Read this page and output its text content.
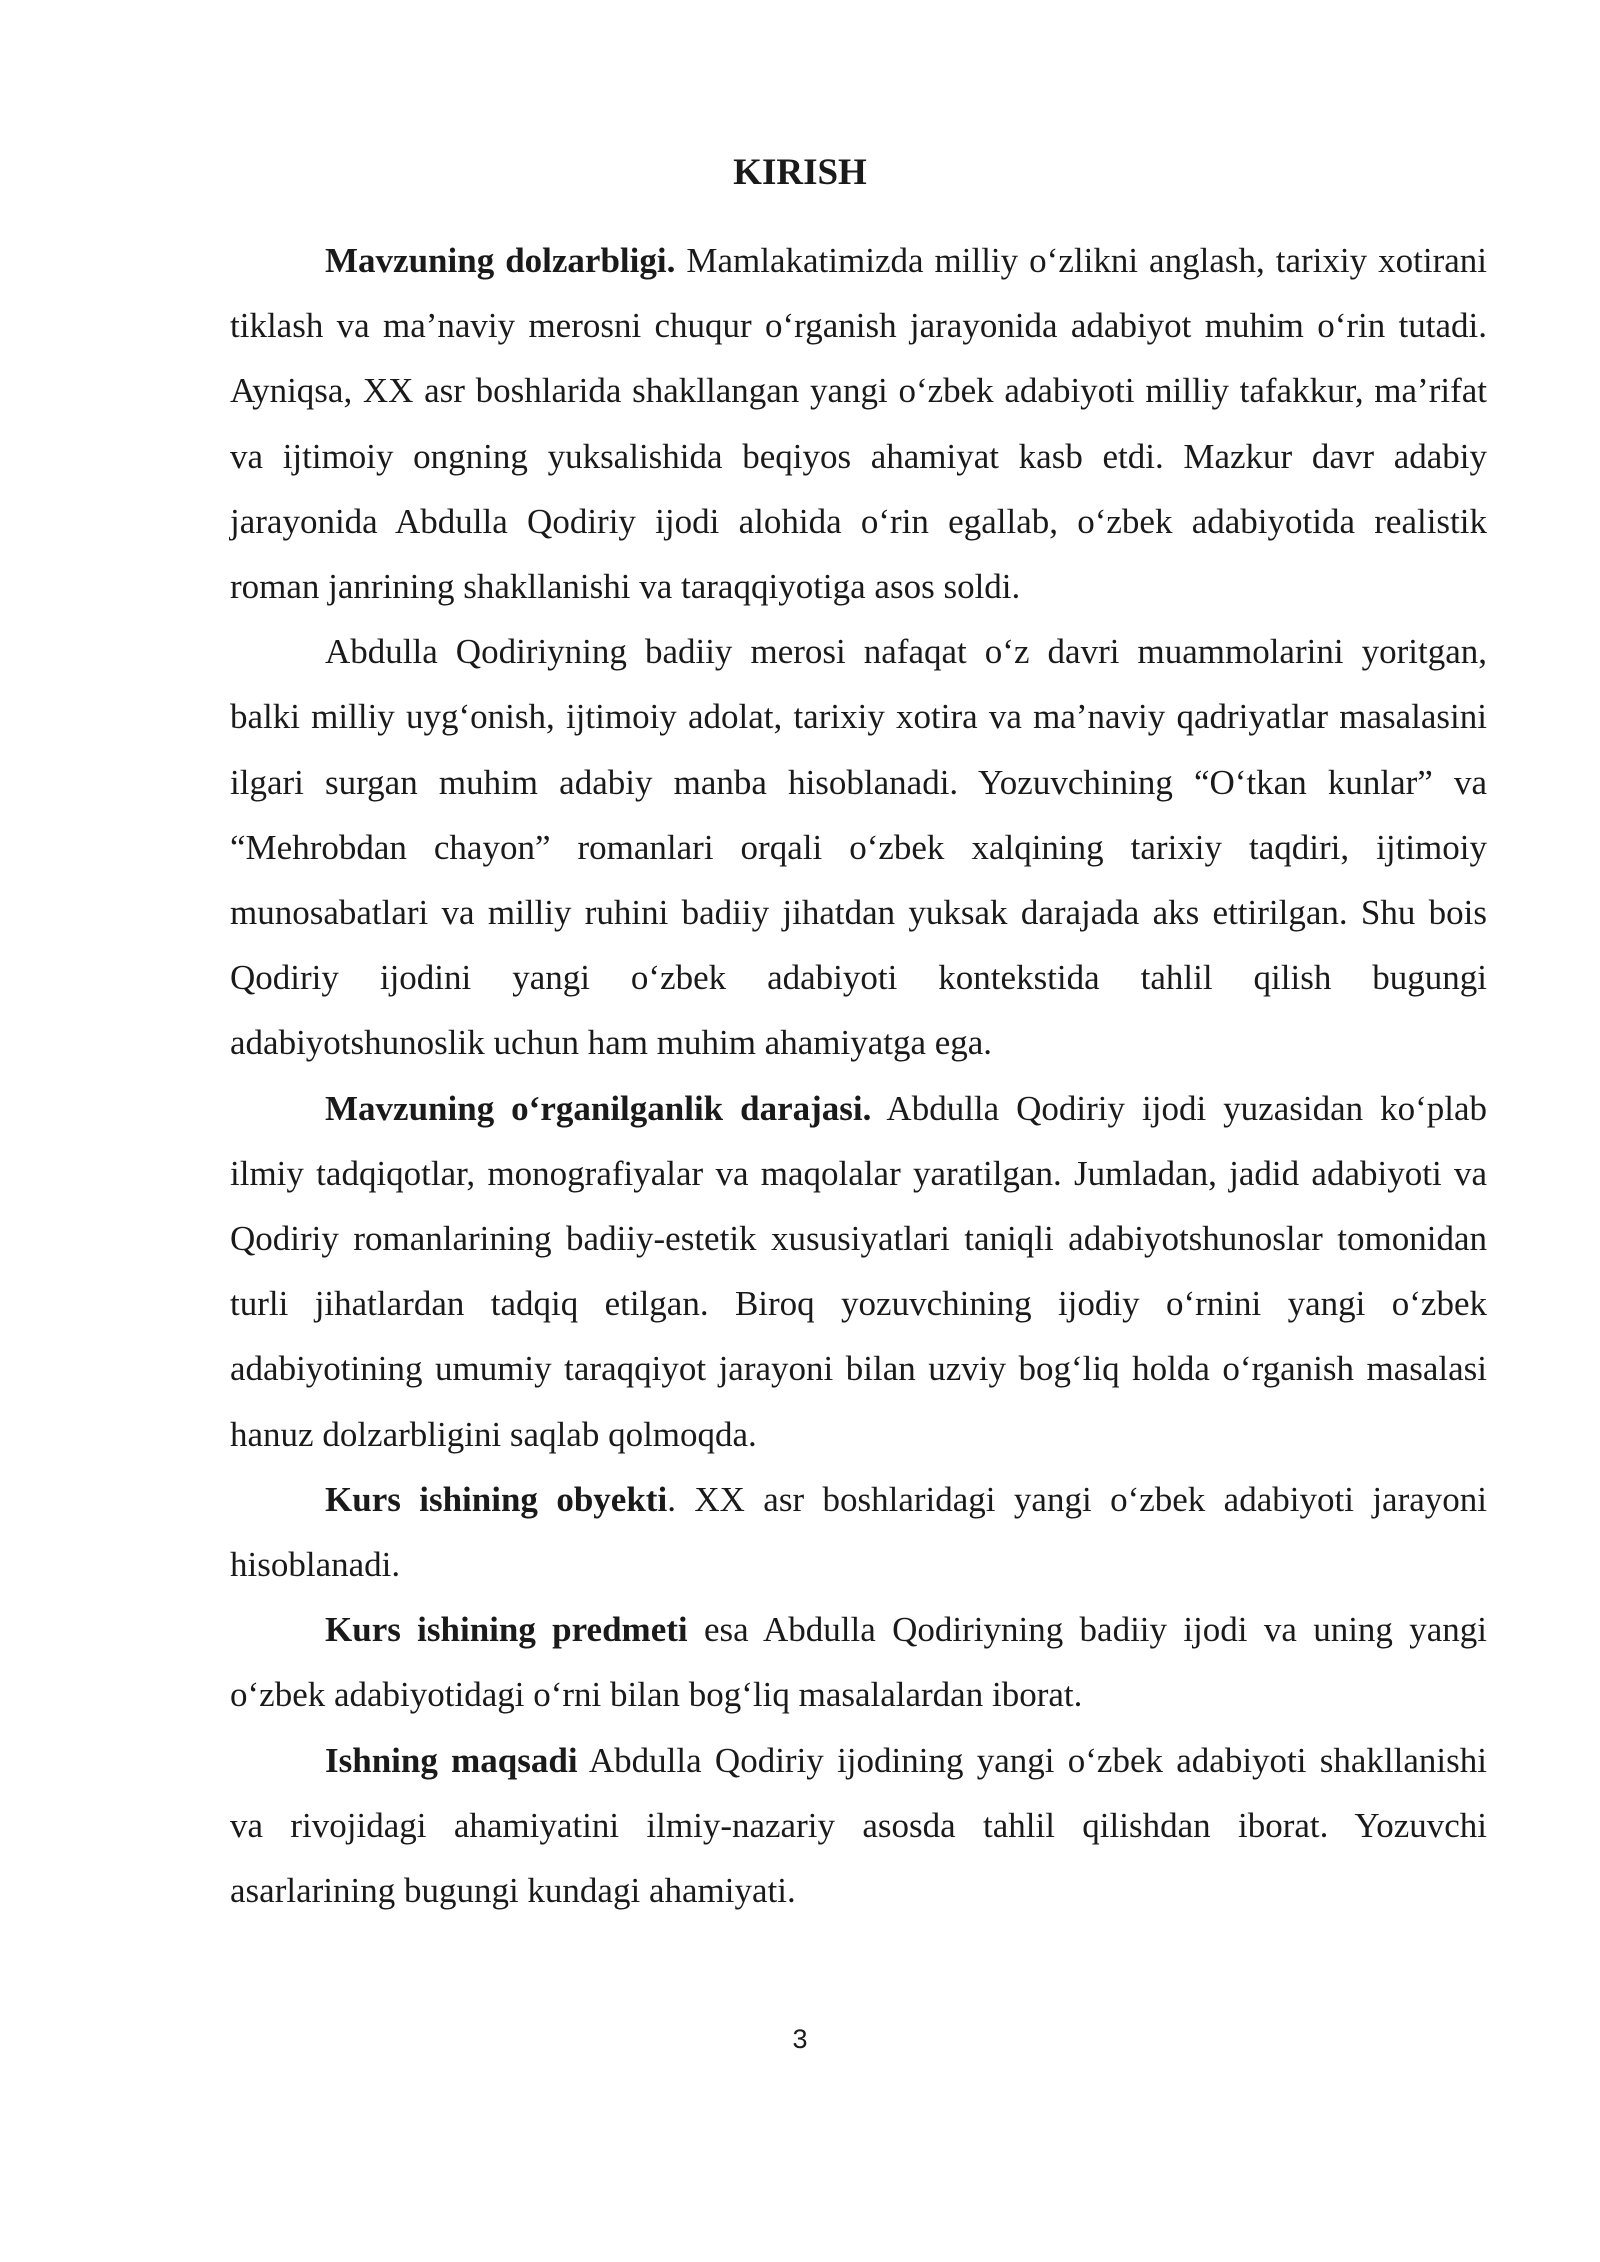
KIRISH

Mavzuning dolzarbligi. Mamlakatimizda milliy o‘zlikni anglash, tarixiy xotirani tiklash va ma’naviy merosni chuqur o‘rganish jarayonida adabiyot muhim o‘rin tutadi. Ayniqsa, XX asr boshlarida shakllangan yangi o‘zbek adabiyoti milliy tafakkur, ma’rifat va ijtimoiy ongning yuksalishida beqiyos ahamiyat kasb etdi. Mazkur davr adabiy jarayonida Abdulla Qodiriy ijodi alohida o‘rin egallab, o‘zbek adabiyotida realistik roman janrining shakllanishi va taraqqiyotiga asos soldi.

Abdulla Qodiriyning badiiy merosi nafaqat o‘z davri muammolarini yoritgan, balki milliy uyg‘onish, ijtimoiy adolat, tarixiy xotira va ma’naviy qadriyatlar masalasini ilgari surgan muhim adabiy manba hisoblanadi. Yozuvchining “O‘tkan kunlar” va “Mehrobdan chayon” romanlari orqali o‘zbek xalqining tarixiy taqdiri, ijtimoiy munosabatlari va milliy ruhini badiiy jihatdan yuksak darajada aks ettirilgan. Shu bois Qodiriy ijodini yangi o‘zbek adabiyoti kontekstida tahlil qilish bugungi adabiyotshunoslik uchun ham muhim ahamiyatga ega.

Mavzuning o‘rganilganlik darajasi. Abdulla Qodiriy ijodi yuzasidan ko‘plab ilmiy tadqiqotlar, monografiyalar va maqolalar yaratilgan. Jumladan, jadid adabiyoti va Qodiriy romanlarining badiiy-estetik xususiyatlari taniqli adabiyotshunoslar tomonidan turli jihatlardan tadqiq etilgan. Biroq yozuvchining ijodiy o‘rnini yangi o‘zbek adabiyotining umumiy taraqqiyot jarayoni bilan uzviy bog‘liq holda o‘rganish masalasi hanuz dolzarbligini saqlab qolmoqda.

Kurs ishining obyekti. XX asr boshlaridagi yangi o‘zbek adabiyoti jarayoni hisoblanadi.

Kurs ishining predmeti esa Abdulla Qodiriyning badiiy ijodi va uning yangi o‘zbek adabiyotidagi o‘rni bilan bog‘liq masalalardan iborat.

Ishning maqsadi Abdulla Qodiriy ijodining yangi o‘zbek adabiyoti shakllanishi va rivojidagi ahamiyatini ilmiy-nazariy asosda tahlil qilishdan iborat. Yozuvchi asarlarining bugungi kundagi ahamiyati.

3
